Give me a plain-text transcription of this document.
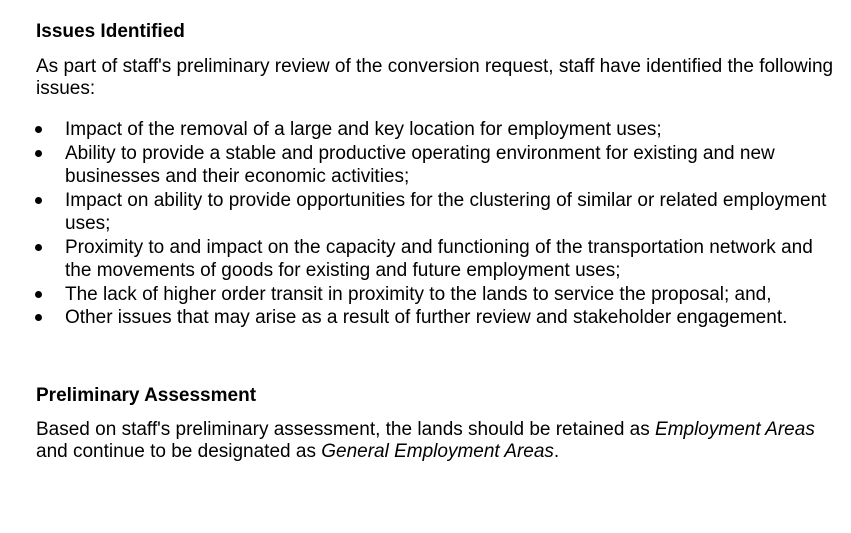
Issues Identified

As part of staff's preliminary review of the conversion request, staff have identified the following issues:

Impact of the removal of a large and key location for employment uses;
Ability to provide a stable and productive operating environment for existing and new businesses and their economic activities;
Impact on ability to provide opportunities for the clustering of similar or related employment uses;
Proximity to and impact on the capacity and functioning of the transportation network and the movements of goods for existing and future employment uses;
The lack of higher order transit in proximity to the lands to service the proposal; and,
Other issues that may arise as a result of further review and stakeholder engagement.
Preliminary Assessment

Based on staff's preliminary assessment, the lands should be retained as Employment Areas and continue to be designated as General Employment Areas.
